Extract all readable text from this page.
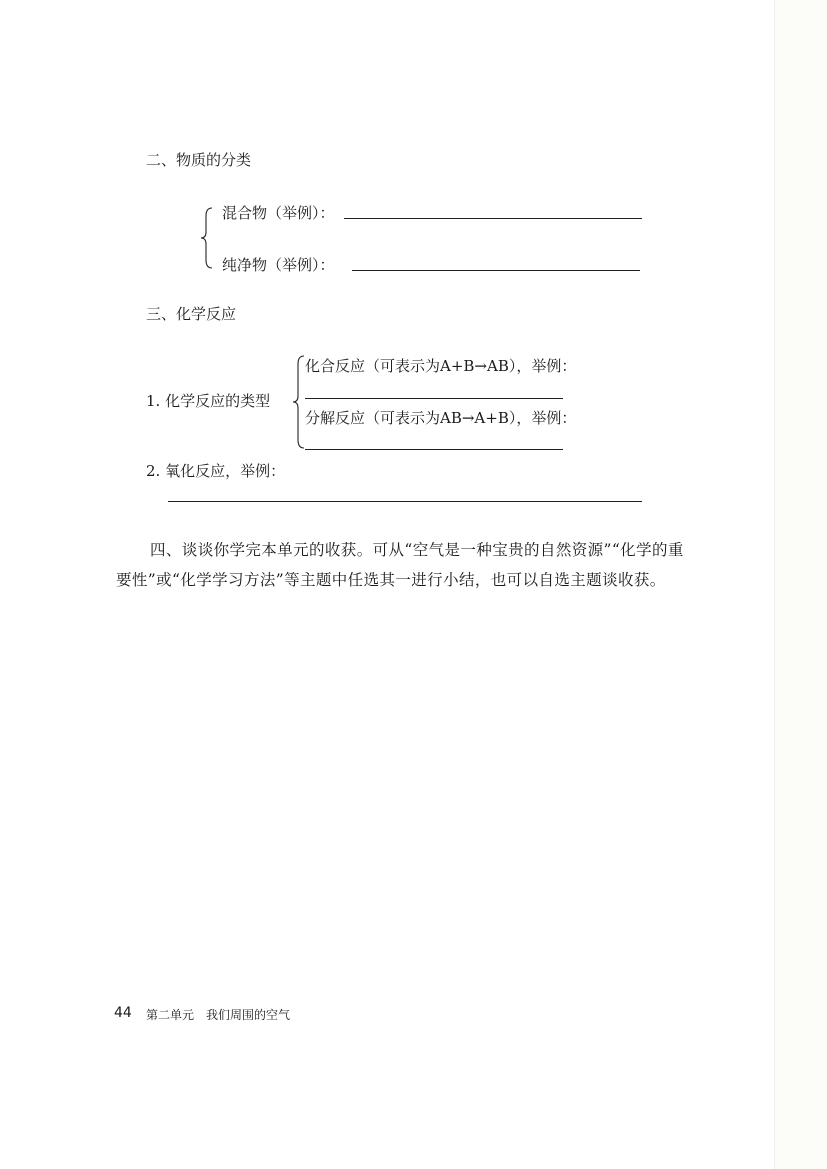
二、物质的分类
混合物（举例）：
纯净物（举例）：
三、化学反应
1. 化学反应的类型
化合反应（可表示为A+B→AB），举例：
分解反应（可表示为AB→A+B），举例：
2. 氧化反应，举例：
四、谈谈你学完本单元的收获。可从“空气是一种宝贵的自然资源”“化学的重要性”或“化学学习方法”等主题中任选其一进行小结，也可以自选主题谈收获。
44 第二单元　我们周围的空气
